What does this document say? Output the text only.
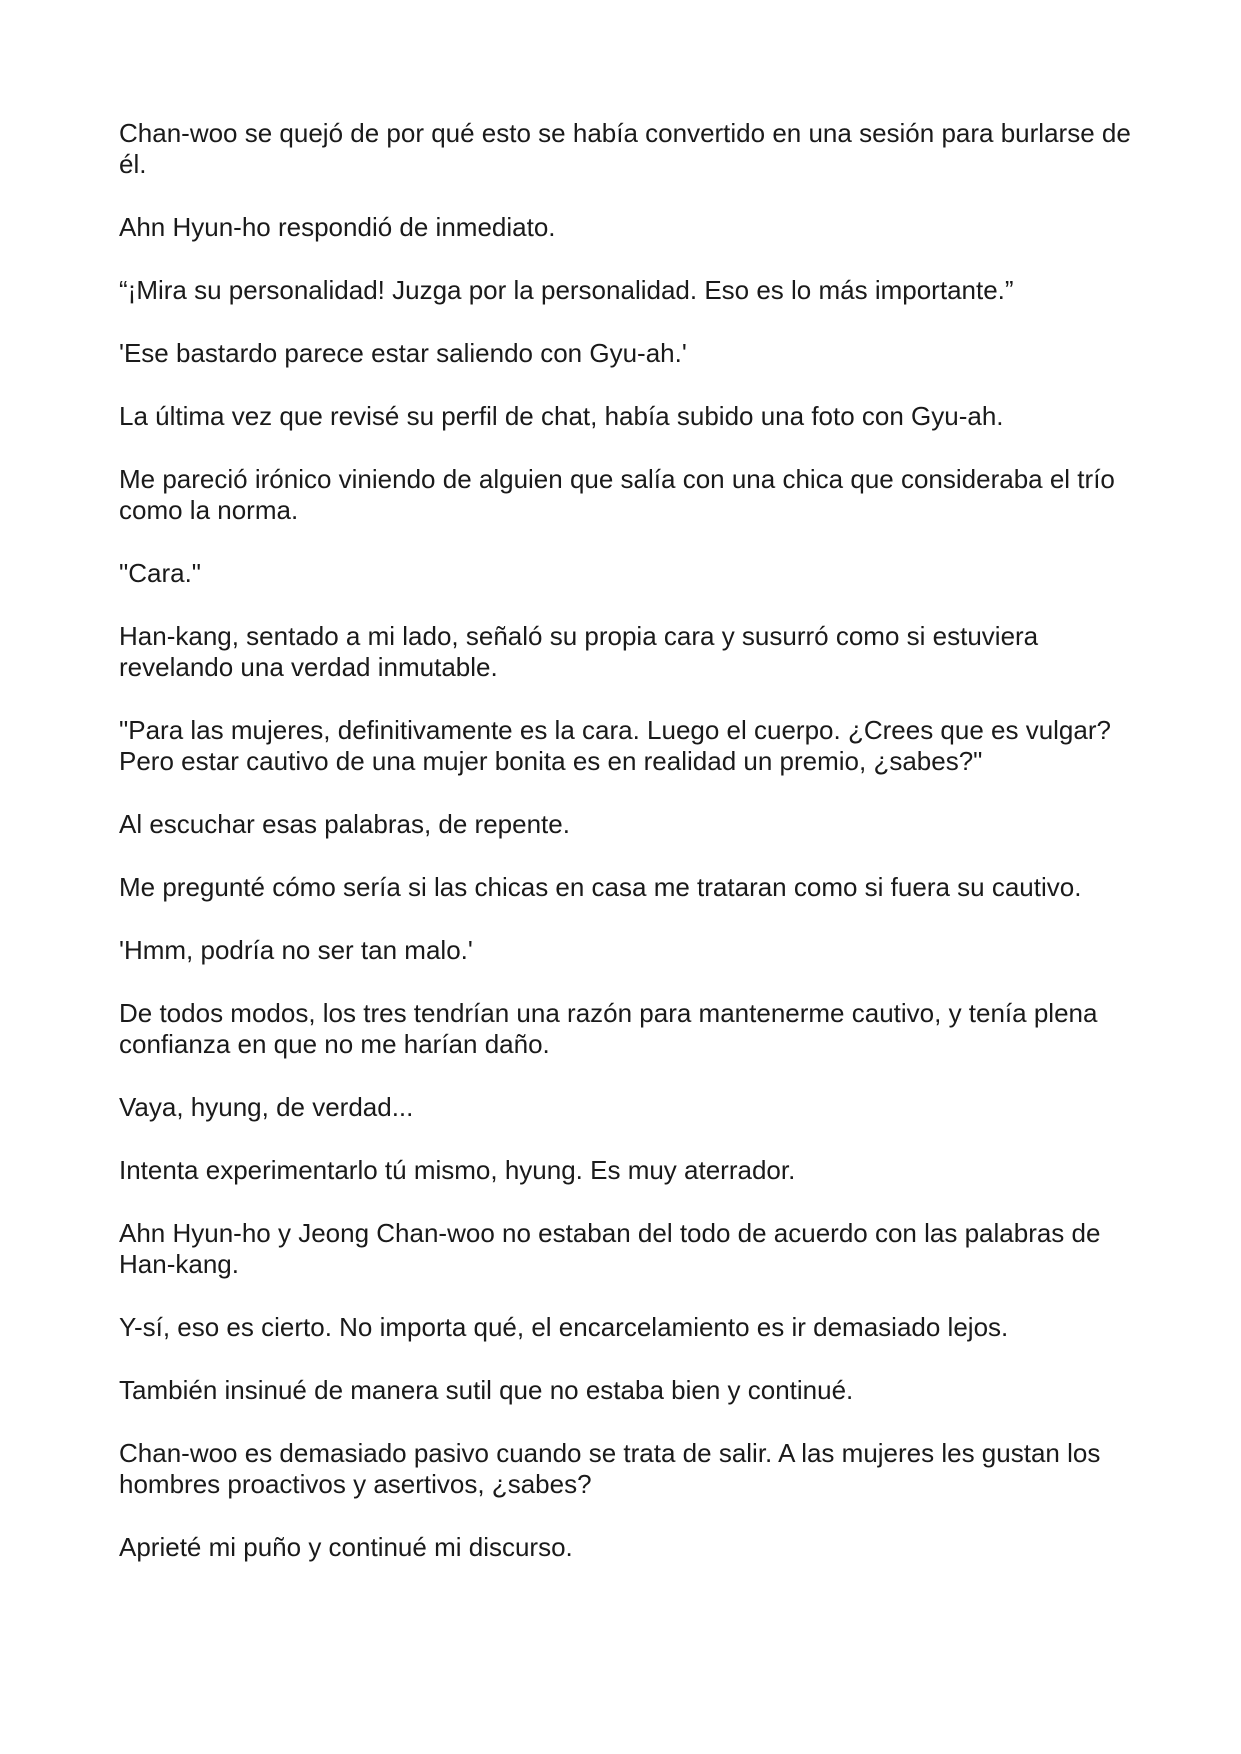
Chan-woo se quejó de por qué esto se había convertido en una sesión para burlarse de él.

Ahn Hyun-ho respondió de inmediato.

“¡Mira su personalidad! Juzga por la personalidad. Eso es lo más importante.”

'Ese bastardo parece estar saliendo con Gyu-ah.'

La última vez que revisé su perfil de chat, había subido una foto con Gyu-ah.

Me pareció irónico viniendo de alguien que salía con una chica que consideraba el trío como la norma.

"Cara."

Han-kang, sentado a mi lado, señaló su propia cara y susurró como si estuviera revelando una verdad inmutable.

"Para las mujeres, definitivamente es la cara. Luego el cuerpo. ¿Crees que es vulgar? Pero estar cautivo de una mujer bonita es en realidad un premio, ¿sabes?"

Al escuchar esas palabras, de repente.

Me pregunté cómo sería si las chicas en casa me trataran como si fuera su cautivo.

'Hmm, podría no ser tan malo.'

De todos modos, los tres tendrían una razón para mantenerme cautivo, y tenía plena confianza en que no me harían daño.

Vaya, hyung, de verdad...

Intenta experimentarlo tú mismo, hyung. Es muy aterrador.

Ahn Hyun-ho y Jeong Chan-woo no estaban del todo de acuerdo con las palabras de Han-kang.

Y-sí, eso es cierto. No importa qué, el encarcelamiento es ir demasiado lejos.

También insinué de manera sutil que no estaba bien y continué.

Chan-woo es demasiado pasivo cuando se trata de salir. A las mujeres les gustan los hombres proactivos y asertivos, ¿sabes?

Aprieté mi puño y continué mi discurso.
